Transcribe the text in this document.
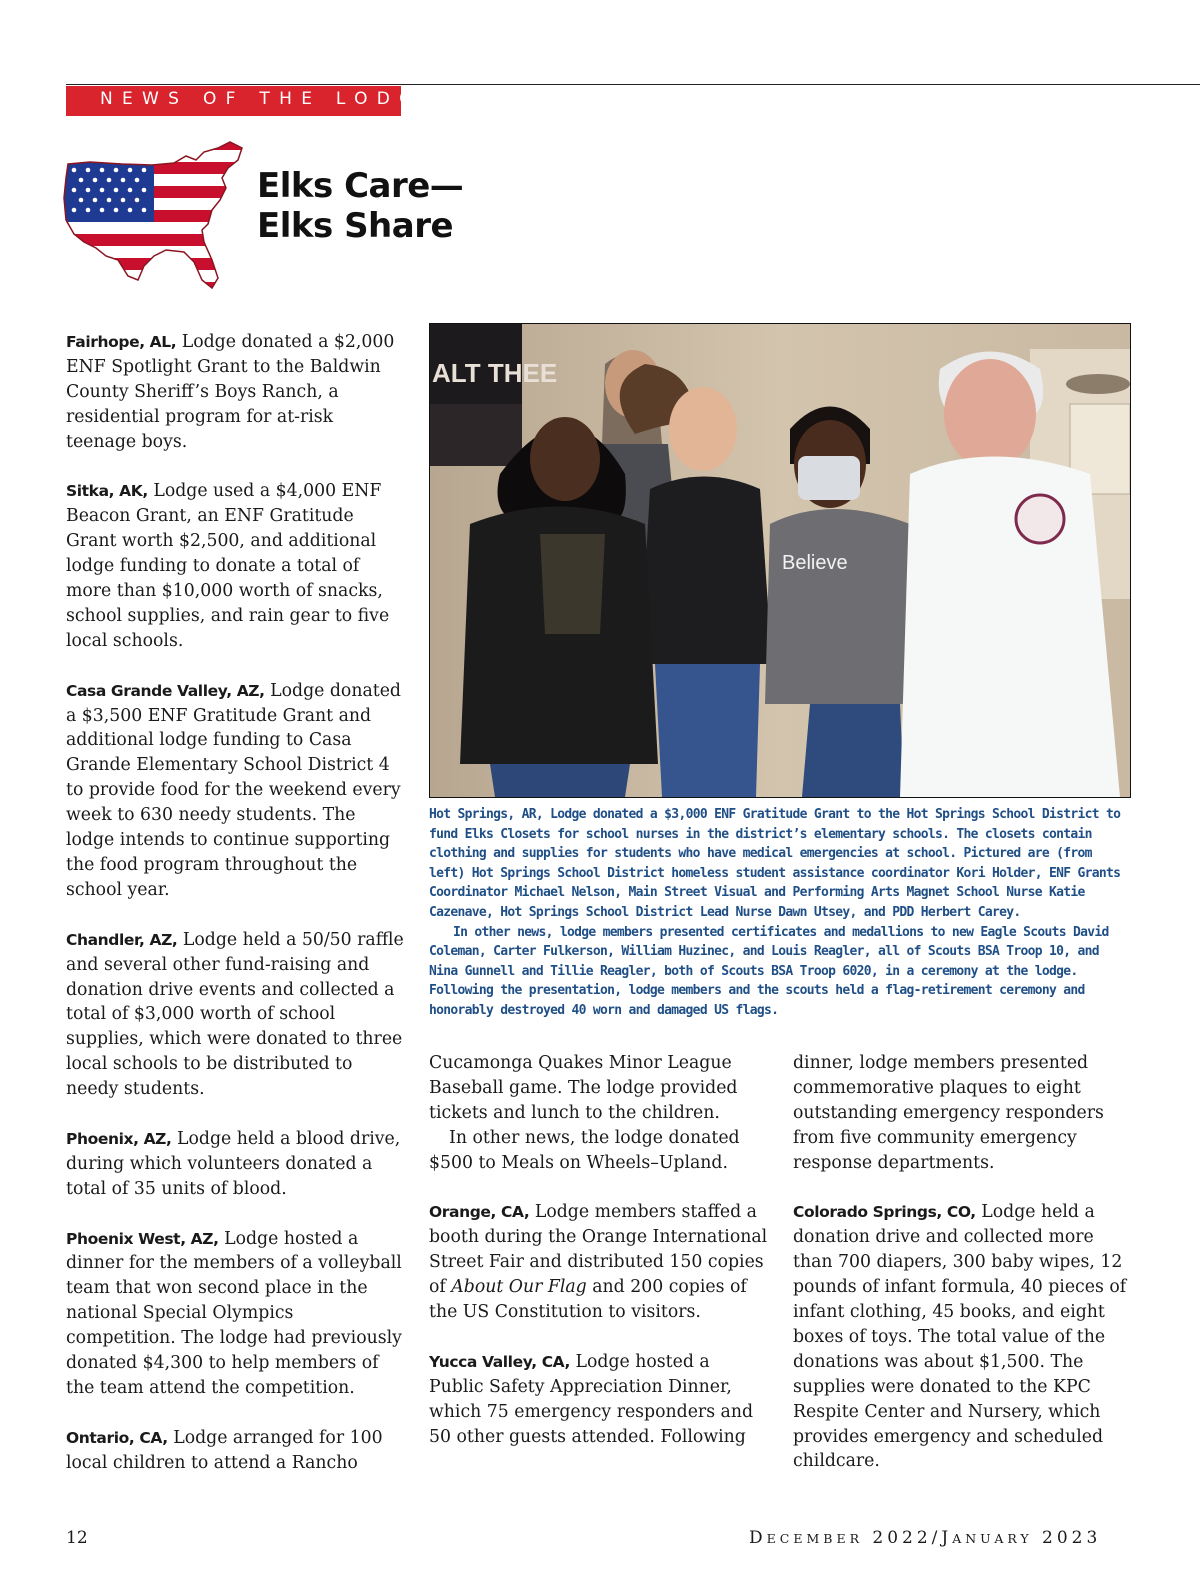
NEWS OF THE LODGES
Elks Care—
Elks Share

Fairhope, AL, Lodge donated a $2,000 ENF Spotlight Grant to the Baldwin County Sheriff’s Boys Ranch, a residential program for at-risk teenage boys.

Sitka, AK, Lodge used a $4,000 ENF Beacon Grant, an ENF Gratitude Grant worth $2,500, and additional lodge funding to donate a total of more than $10,000 worth of snacks, school supplies, and rain gear to five local schools.

Casa Grande Valley, AZ, Lodge donated a $3,500 ENF Gratitude Grant and additional lodge funding to Casa Grande Elementary School District 4 to provide food for the weekend every week to 630 needy students. The lodge intends to continue supporting the food program throughout the school year.

Chandler, AZ, Lodge held a 50/50 raffle and several other fund-raising and donation drive events and collected a total of $3,000 worth of school supplies, which were donated to three local schools to be distributed to needy students.

Phoenix, AZ, Lodge held a blood drive, during which volunteers donated a total of 35 units of blood.

Phoenix West, AZ, Lodge hosted a dinner for the members of a volleyball team that won second place in the national Special Olympics competition. The lodge had previously donated $4,300 to help members of the team attend the competition.

Ontario, CA, Lodge arranged for 100 local children to attend a Rancho

ALT THEE
Believe

Hot Springs, AR, Lodge donated a $3,000 ENF Gratitude Grant to the Hot Springs School District to fund Elks Closets for school nurses in the district’s elementary schools. The closets contain clothing and supplies for students who have medical emergencies at school. Pictured are (from left) Hot Springs School District homeless student assistance coordinator Kori Holder, ENF Grants Coordinator Michael Nelson, Main Street Visual and Performing Arts Magnet School Nurse Katie Cazenave, Hot Springs School District Lead Nurse Dawn Utsey, and PDD Herbert Carey.

In other news, lodge members presented certificates and medallions to new Eagle Scouts David Coleman, Carter Fulkerson, William Huzinec, and Louis Reagler, all of Scouts BSA Troop 10, and Nina Gunnell and Tillie Reagler, both of Scouts BSA Troop 6020, in a ceremony at the lodge. Following the presentation, lodge members and the scouts held a flag-retirement ceremony and honorably destroyed 40 worn and damaged US flags.

Cucamonga Quakes Minor League Baseball game. The lodge provided tickets and lunch to the children.

In other news, the lodge donated $500 to Meals on Wheels–Upland.

Orange, CA, Lodge members staffed a booth during the Orange International Street Fair and distributed 150 copies of About Our Flag and 200 copies of the US Constitution to visitors.

Yucca Valley, CA, Lodge hosted a Public Safety Appreciation Dinner, which 75 emergency responders and 50 other guests attended. Following

dinner, lodge members presented commemorative plaques to eight outstanding emergency responders from five community emergency response departments.

Colorado Springs, CO, Lodge held a donation drive and collected more than 700 diapers, 300 baby wipes, 12 pounds of infant formula, 40 pieces of infant clothing, 45 books, and eight boxes of toys. The total value of the donations was about $1,500. The supplies were donated to the KPC Respite Center and Nursery, which provides emergency and scheduled childcare.

12	DECEMBER 2022/JANUARY 2023
